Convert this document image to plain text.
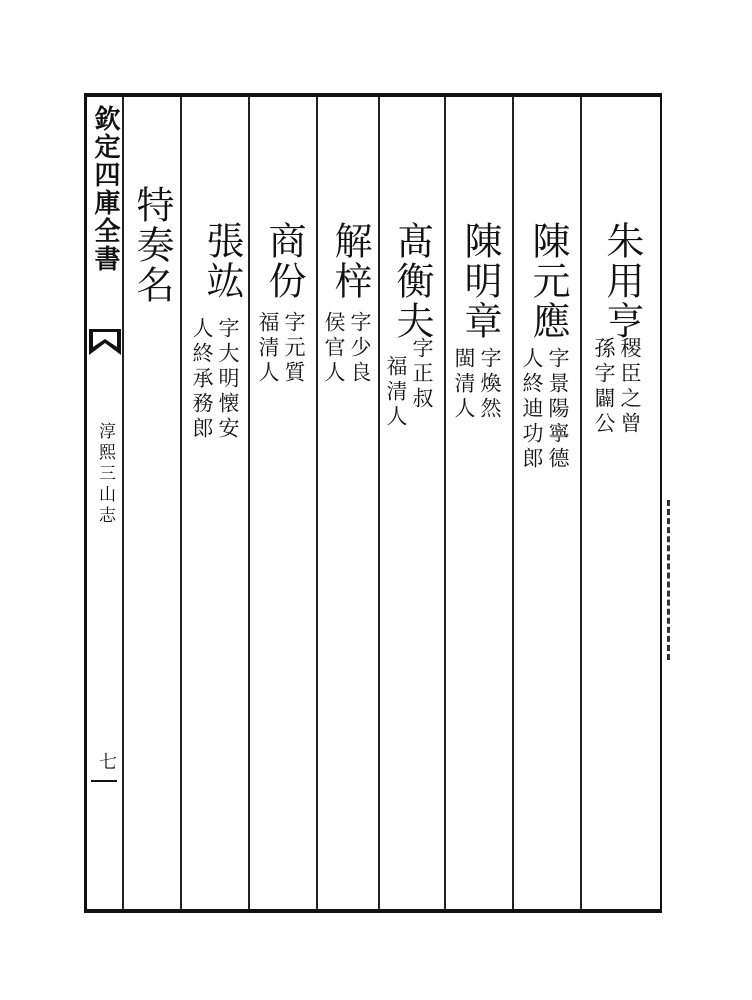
欽定四庫全書
淳熙三山志
七
特奏名 張竑
字大明懐安
人終承務郎
商份
字元質
福清人
解梓
字少良
侯官人
髙衡夫
字正叔
福清人
陳明章
字煥然
閩清人
陳元應
字景陽寧德
人終迪功郎
朱用亨
稷臣之曾
孫字闢公
